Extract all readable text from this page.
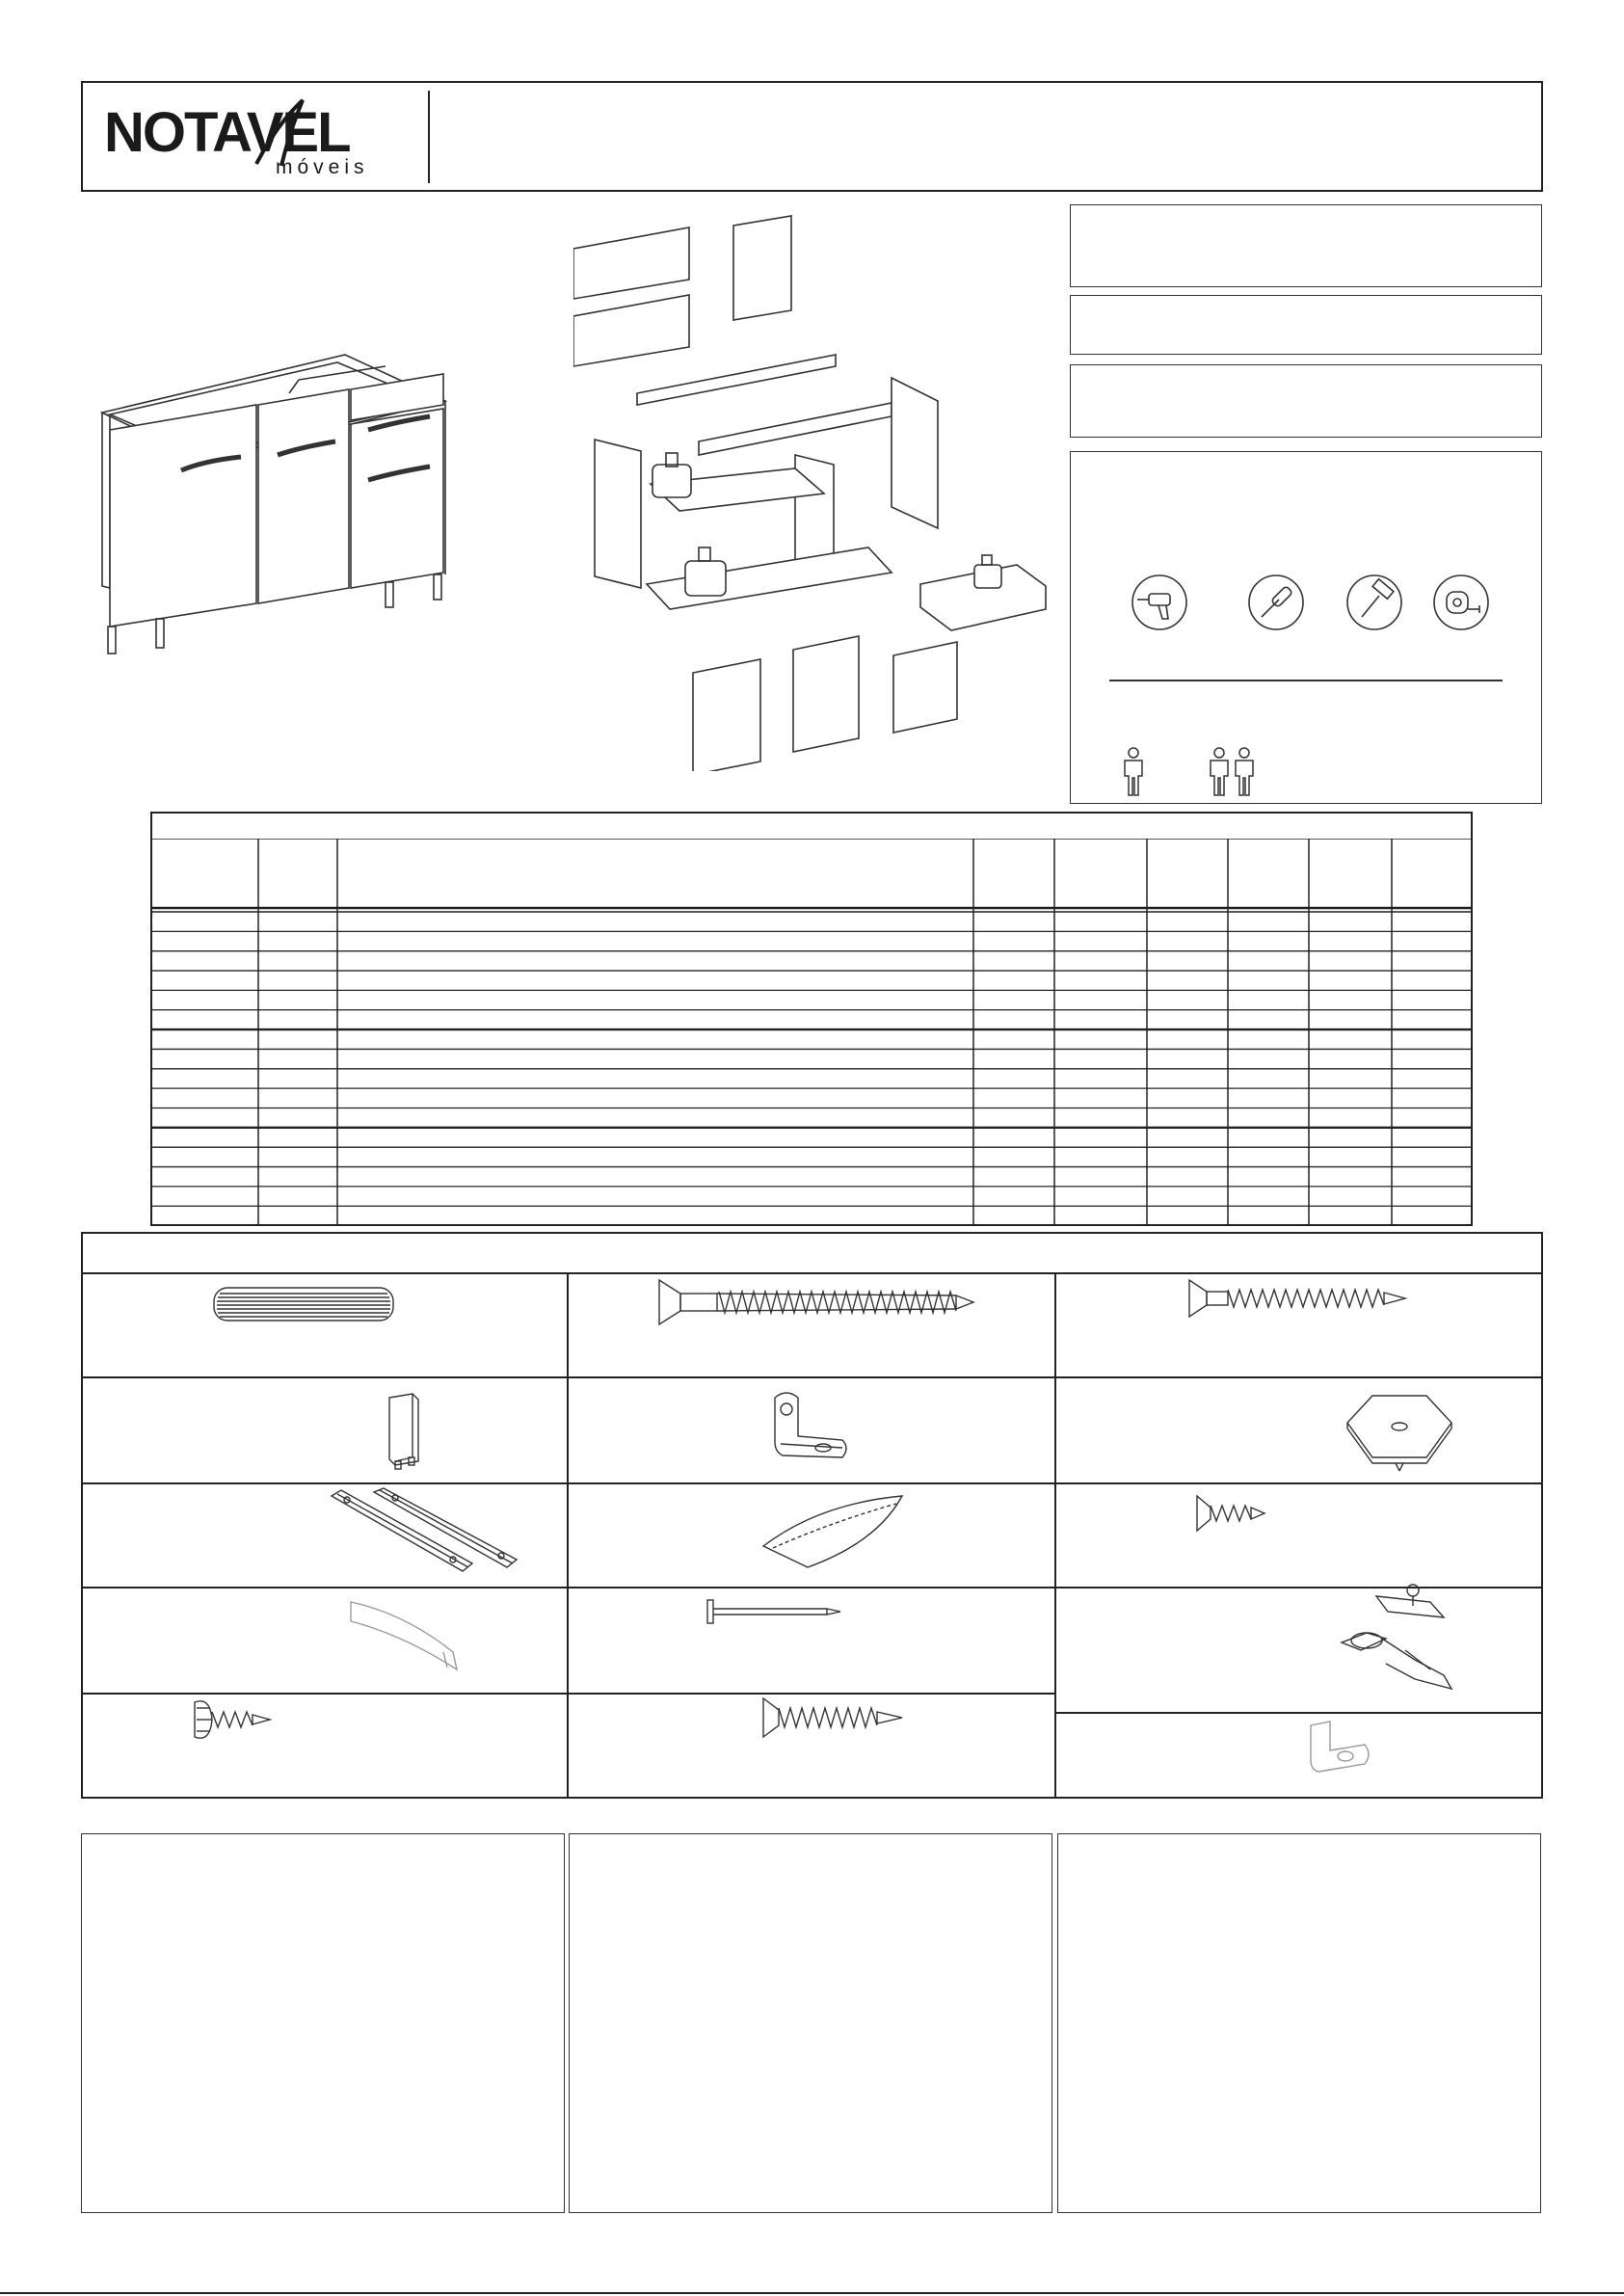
NOTAVEL
móveis
